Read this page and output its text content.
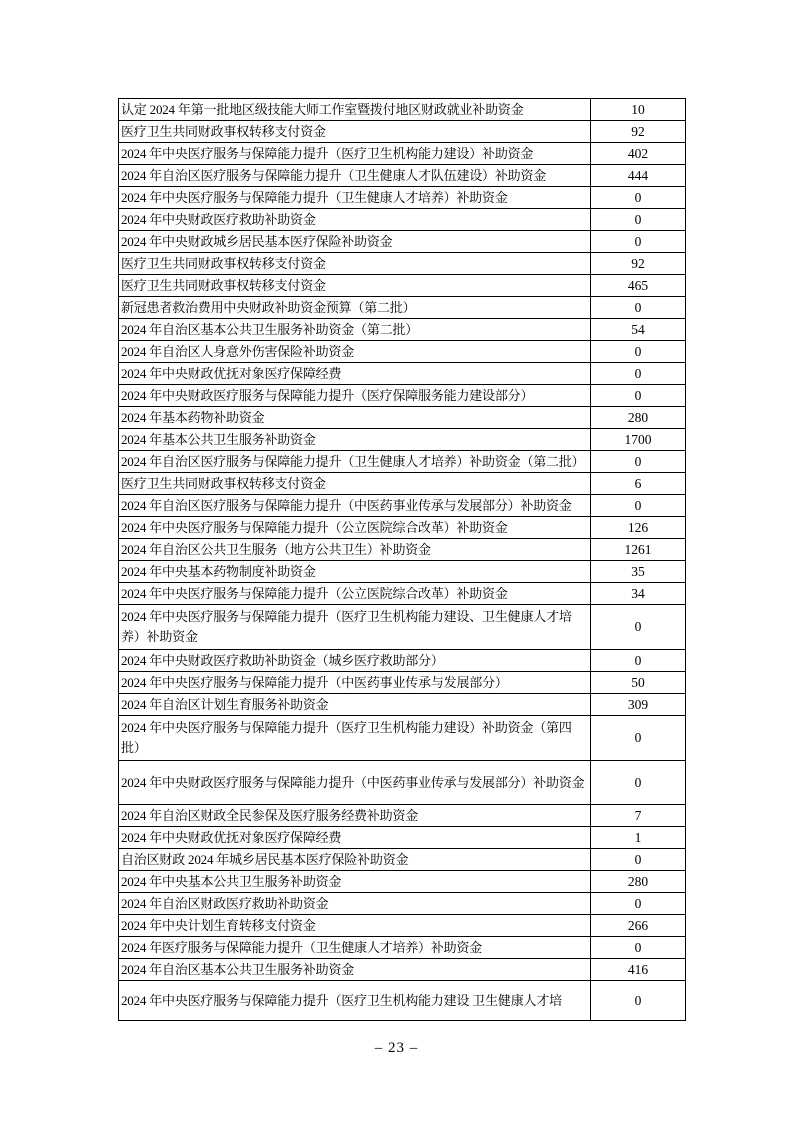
认定 2024 年第一批地区级技能大师工作室暨拨付地区财政就业补助资金	10
医疗卫生共同财政事权转移支付资金	92
2024 年中央医疗服务与保障能力提升（医疗卫生机构能力建设）补助资金	402
2024 年自治区医疗服务与保障能力提升（卫生健康人才队伍建设）补助资金	444
2024 年中央医疗服务与保障能力提升（卫生健康人才培养）补助资金	0
2024 年中央财政医疗救助补助资金	0
2024 年中央财政城乡居民基本医疗保险补助资金	0
医疗卫生共同财政事权转移支付资金	92
医疗卫生共同财政事权转移支付资金	465
新冠患者救治费用中央财政补助资金预算（第二批）	0
2024 年自治区基本公共卫生服务补助资金（第二批）	54
2024 年自治区人身意外伤害保险补助资金	0
2024 年中央财政优抚对象医疗保障经费	0
2024 年中央财政医疗服务与保障能力提升（医疗保障服务能力建设部分）	0
2024 年基本药物补助资金	280
2024 年基本公共卫生服务补助资金	1700
2024 年自治区医疗服务与保障能力提升（卫生健康人才培养）补助资金（第二批）	0
医疗卫生共同财政事权转移支付资金	6
2024 年自治区医疗服务与保障能力提升（中医药事业传承与发展部分）补助资金	0
2024 年中央医疗服务与保障能力提升（公立医院综合改革）补助资金	126
2024 年自治区公共卫生服务（地方公共卫生）补助资金	1261
2024 年中央基本药物制度补助资金	35
2024 年中央医疗服务与保障能力提升（公立医院综合改革）补助资金	34
2024 年中央医疗服务与保障能力提升（医疗卫生机构能力建设、卫生健康人才培养）补助资金	0
2024 年中央财政医疗救助补助资金（城乡医疗救助部分）	0
2024 年中央医疗服务与保障能力提升（中医药事业传承与发展部分）	50
2024 年自治区计划生育服务补助资金	309
2024 年中央医疗服务与保障能力提升（医疗卫生机构能力建设）补助资金（第四批）	0
2024 年中央财政医疗服务与保障能力提升（中医药事业传承与发展部分）补助资金	0
2024 年自治区财政全民参保及医疗服务经费补助资金	7
2024 年中央财政优抚对象医疗保障经费	1
自治区财政 2024 年城乡居民基本医疗保险补助资金	0
2024 年中央基本公共卫生服务补助资金	280
2024 年自治区财政医疗救助补助资金	0
2024 年中央计划生育转移支付资金	266
2024 年医疗服务与保障能力提升（卫生健康人才培养）补助资金	0
2024 年自治区基本公共卫生服务补助资金	416
2024 年中央医疗服务与保障能力提升（医疗卫生机构能力建设 卫生健康人才培	0
– 23 –
